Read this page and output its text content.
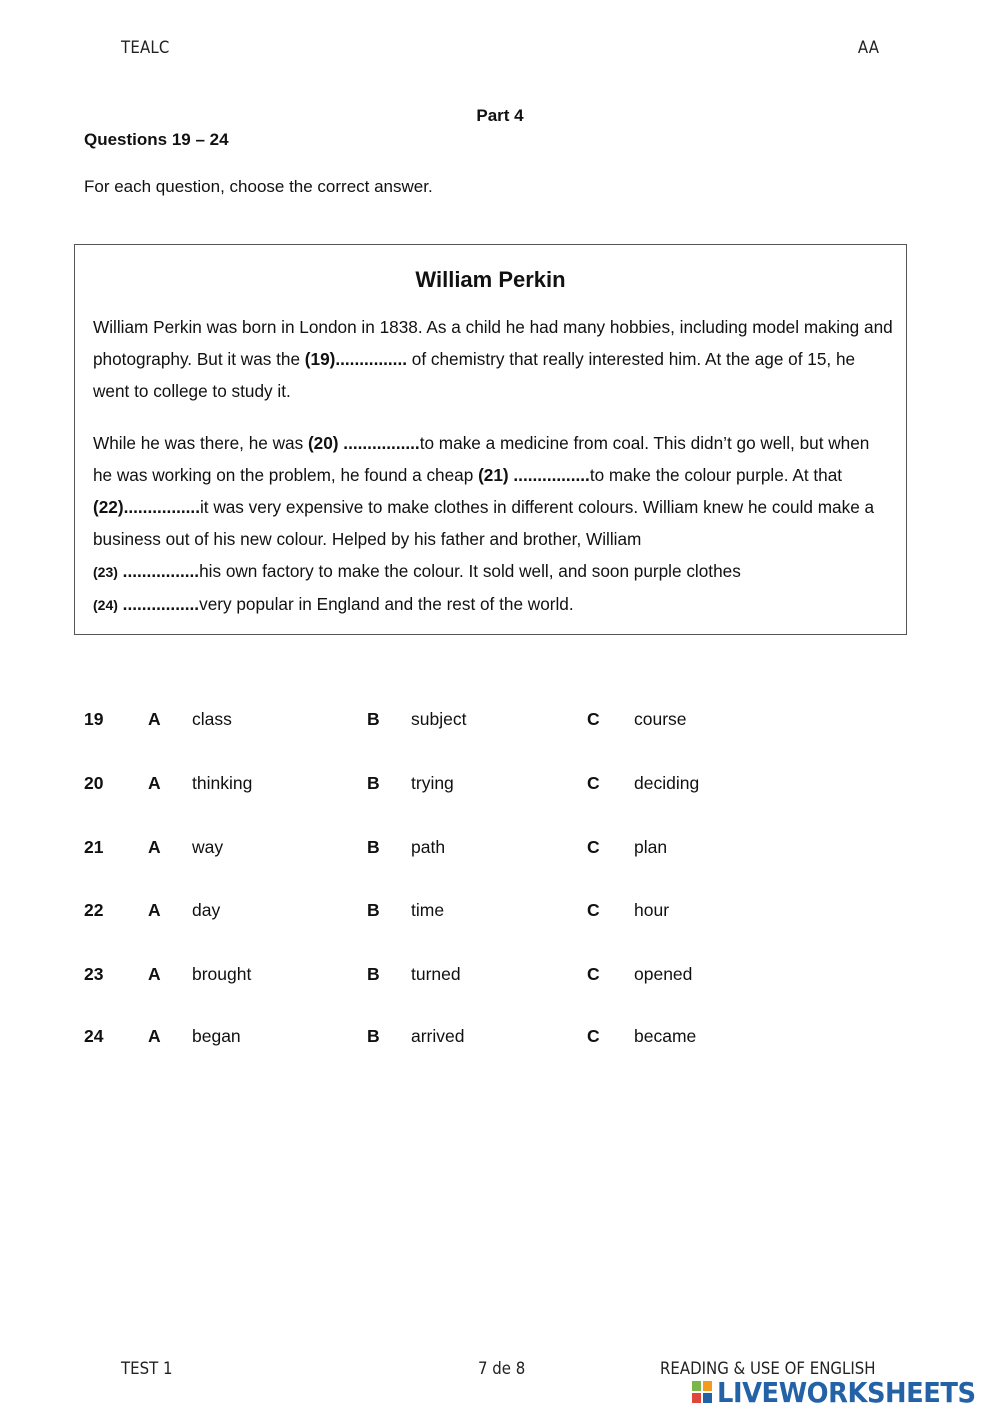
TEALC	AA
Part 4
Questions 19 – 24
For each question, choose the correct answer.
William Perkin

William Perkin was born in London in 1838. As a child he had many hobbies, including model making and photography. But it was the (19)............... of chemistry that really interested him. At the age of 15, he went to college to study it.

While he was there, he was (20) ................to make a medicine from coal. This didn’t go well, but when he was working on the problem, he found a cheap (21) ................to make the colour purple. At that (22)................it was very expensive to make clothes in different colours. William knew he could make a business out of his new colour. Helped by his father and brother, William
(23) ................his own factory to make the colour. It sold well, and soon purple clothes
(24) ................very popular in England and the rest of the world.

19	A class	B subject	C course
20	A thinking	B trying	C deciding
21	A way	B path	C plan
22	A day	B time	C hour
23	A brought	B turned	C opened
24	A began	B arrived	C became
TEST 1	7 de 8	READING & USE OF ENGLISH
LIVEWORKSHEETS
